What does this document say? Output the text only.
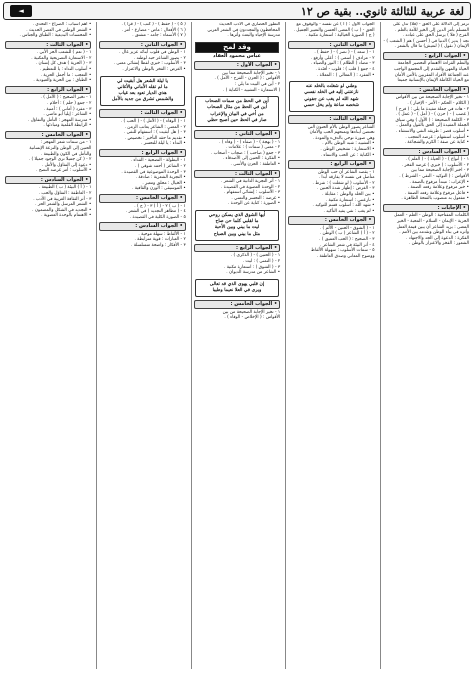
لغة عربية للثالثة ثانوي.. بقية ص ١٢
◄
ترمز إلى الدلالة على الحق - (فلا) تدل على
المسلم بأمر الدين إلى الخير للأمة بالعلم .
الفرح ( فلا ) يرسل الحق على عباده .
نجد ( يدير ) الدنيا في ( أحسن ) هم ( الشعب ) -
الإيمان ( نقول ) ( لنعيش) ما قال بالشعر .
• الجواب الرابع :
والتعلم القراءة الاهتمام التحضير الجامعة
الحياة والمهن والتقدم إلى المجتمع الواجب
عند الجماعة الأفراد المقربين بالأمن الأمان
مع الحياة الكاملة الإيمان بالإنسانية جميعا
• الجواب الخامس :
١ - تخير الإجابة الصحيحة من بين الأقواس
( الكلام - الحكم - الأمر - الإخبار ) .
٢ - هات في جملة مفيدة ما يلي : ( فرح )
( غضب ) - ( حزن ) - ( أمل ) - ( عمل ) .
٣ - الكلمة الصحيحة : ( الأول ) وفي سياق
الجملة المفيدة إلى الحق بالقول والعمل .
• أسلوب قصر : طريقه النفي والاستثناء .
• أسلوب استفهام : غرضه التعجب .
• كناية عن صفة : الكرم والشجاعة .
• الجواب السادس :
١ - ( أنواع ) - ( الحياة ) - ( العلم ) .
٢ - الأسلوب : ( خبري ) غرضه الفخر .
٣ - اختر الإجابة الصحيحة مما بين
الأقواس : ( التوكيد - النفي - الشرط ) .
• الإعراب : مبتدأ مرفوع بالضمة .
• خبر مرفوع وعلامة رفعه الضمة .
• فاعل مرفوع وعلامة رفعه الضمة .
• مفعول به منصوب بالفتحة الظاهرة .
• الإجابات :
الكلمات المفتاحية : الوطن - العلم - العمل
الحرية - الإيمان - السلام - المحبة - الخير
المعنى : يريد الشاعر أن يبين قيمة العمل
وأثره في بناء الوطن وتقدمه بين الأمم .
الفكرة : الدعوة إلى الجد والاجتهاد .
الشعور : الفخر والاعتزاز بالوطن .
الجواب الأول : ( أ ) عن نفسه - والوقوف مع
الحق - ( ب ) المعنى الحسن والتعبير الجميل .
( ج ) الصورة الخيالية : استعارة مكنية .
• الجواب الثاني :
١ - ( سعد ) - ( نصر ) - ( حفظ ) .
٢ - مرادف ( أسمى ) : أعلى وأرفع .
٣ - مضاد ( الظلام ) : النور والضياء .
٤ - جمع ( قلب ) : قلوب - أفئدة .
• المفرد : ( المعالي ) : المعلاة .
وطني لو شغلت بالخلد عنه
نازعتني إليه في الخلد نفسي
شهد الله لم يغب عن جفوني
شخصه ساعة ولم يخل حسي
• الجواب الثالث :
الشاعر يصور الوطن بالأم الحنون التي
تحتضن أبناءها وتمنحهم الحب والأمان
وهي صورة توحي بالدفء والمودة .
• التشبيه : شبه الوطن بالأم .
• الاستعارة : تشخيص الوطن .
• الكناية : عن الحب والانتماء .
• الجواب الرابع :
١ - يقصد الشاعر أن حب الوطن
متأصل في نفسه لا يفارقه أبدا .
٢ - الأسلوب ( لو شغلت ) : شرط .
٣ - الغرض : إظهار شدة الحنين .
• بين الخلد والوطن : مقابلة .
• نازعتني : استعارة مكنية .
• شهد الله : أسلوب قسم للتوكيد .
• لم يغب : نفي يفيد التأكيد .
• الجواب الخامس :
١ - ( الشوق - الحنين - الألم ) .
٢ - ( أ ) الشاعر ( ب ) الوطن .
٣ - الصحيح : ( الحب العميق ) .
٤ - أثر البيئة في شعر الشاعر .
٥ - سمات الأسلوب : سهولة الألفاظ
ووضوح المعاني وصدق العاطفة .
التطور الحضاري في الأدب الحديث
المحافظون والمجددون في الشعر العربي
مدرسة الإحياء والبعث وأثرها .
وقد لمح
عباس محمود العقاد
• الجواب الأول :
١ - تخير الإجابة الصحيحة مما بين
الأقواس : ( الحزن - الفرح - الأمل ) .
٢ - أين في البيت ما يلي :
( الاستعارة - التشبيه - الكناية ) .
أين في الحظ من سمات الصحاب
أين في الحظ من مثال الصحاب
من أخي في البيان والإعراب
صار في الحظ حين أصبح حظي
• الجواب الثاني :
١ - ( بهجة ) - ( صفاء ) - ( وفاء ) .
٢ - معنى ( سمات ) : علامات .
٣ - جمع ( صاحب ) : صحاب - أصحاب .
• الفكرة : الحنين إلى الأصدقاء .
• العاطفة : الحزن والأسى .
• الجواب الثالث :
١ - أثر التجربة الذاتية في الشعر .
٢ - الوحدة العضوية في القصيدة .
٣ - الأسلوب : إنشائي استفهام .
• غرضه : التحسر والتمني .
• الصورة : كناية عن الوحدة .
أيها الشوق الذي يسكن روحي
ما لقلبي كلما حن صاح
ليت ما بيني وبين الأحبة
مثل ما بيني وبين الصباح
• الجواب الرابع :
١ - ( الحنين ) - ( الذكرى ) .
٢ - ( التمني ) : ليت .
٣ - ( الشوق ) : استعارة مكنية .
• الشاعر من مدرسة الديوان .
إن قلبي يهوى الذي قد تعالى
ويرى في العلا نعيما وطيبا
• الجواب الخامس :
١ - تخير الإجابة الصحيحة من بين
الأقواس : ( الإخلاص - الوفاء ) .
( ٥ ) - ( حفظ ) - ( كتب ) - ( قرأ ) .
( ٦ ) الأفعال : ماض - مضارع - أمر .
( ٧ ) الأسماء : جامد - مشتق .
• الجواب الثاني :
١ - الوطن في قلوب أبنائه عزيز غال .
٢ - يصور الشاعر حبه لوطنه .
٣ - الأسلوب : خبري لفظا إنشائي معنى .
• الغرض : الفخر بالوطن والاعتزاز .
يا ليلة الشعر هل أبقيت لي
ما لم تقله الأماني والأغاني
هذي الديار تعود بعد غياب
والشمس تشرق من جديد بالأمل
• الجواب الثالث :
١ - ( الوفاء ) - ( الأمل ) - ( الحب ) .
٢ - المعنى : الشاعر يعاتب الزمن .
٣ - ( هل أبقيت ) : استفهام للنفي .
• تقديم ما حقه التأخير : تخصيص .
• النداء : يا ليلة للتحسر .
• الجواب الرابع :
١ - البطولة - التضحية - الفداء .
٢ - الشاعر ( أحمد شوقي ) .
٣ - الوحدة الموضوعية في القصيدة .
• التجربة الشعرية : صادقة .
• الخيال : محلق ومعبر .
• الموسيقى : الوزن والقافية .
• الجواب الخامس :
١ - ( ب ) ٢ - ( أ ) ٣ - ( ج ) .
٤ - ( مظاهر التجديد ) في الشعر .
٥ - الصورة الكلية في القصيدة .
• الجواب السادس :
١ - الألفاظ : سهلة موحية .
٢ - العبارات : قوية مترابطة .
٣ - الأفكار : واضحة متسلسلة .
• أهم أسباب : الصراع - التحدي .
• الشعر الوطني في العصر الحديث .
• المحسنات البديعية : الطباق والجناس .
• الجواب الثالث :
١ - ( نعم ) للشعب الحر الأبي .
٢ - الاستعارة التصريحية والمكنية .
٣ - ( الحرية ) هدف كل إنسان .
• أسلوب النداء : يا للتعظيم .
• التعجب : ما أجمل الحرية .
• الطباق : بين الحرية والعبودية .
• الجواب الرابع :
١ - تخير الصحيح : ( الأمل ) .
٢ - جمع ( حلم ) : أحلام .
٣ - مفرد ( أماني ) : أمنية .
• الشاعر : إيليا أبو ماضي .
• مدرسة المهجر : التأمل والتفاؤل .
• الرابطة القلمية ومبادئها .
• الجواب الخامس :
١ - من سمات شعر المهجر :
الحنين إلى الوطن والنزعة الإنسانية
والتأمل في الكون والطبيعة .
٢ - ( كن جميلا ترى الوجود جميلا ) .
• دعوة إلى التفاؤل والأمل .
• الأسلوب : أمر غرضه النصح .
• الجواب السادس :
١ - ( أ ) البيئة ( ب ) الطبيعة .
٢ - العاطفة : التفاؤل والحب .
٣ - أثر الثقافة الغربية في الأدب .
• الشعر المرسل والشعر الحر .
• التجديد في الشكل والمضمون .
• الاهتمام بالوحدة العضوية .
